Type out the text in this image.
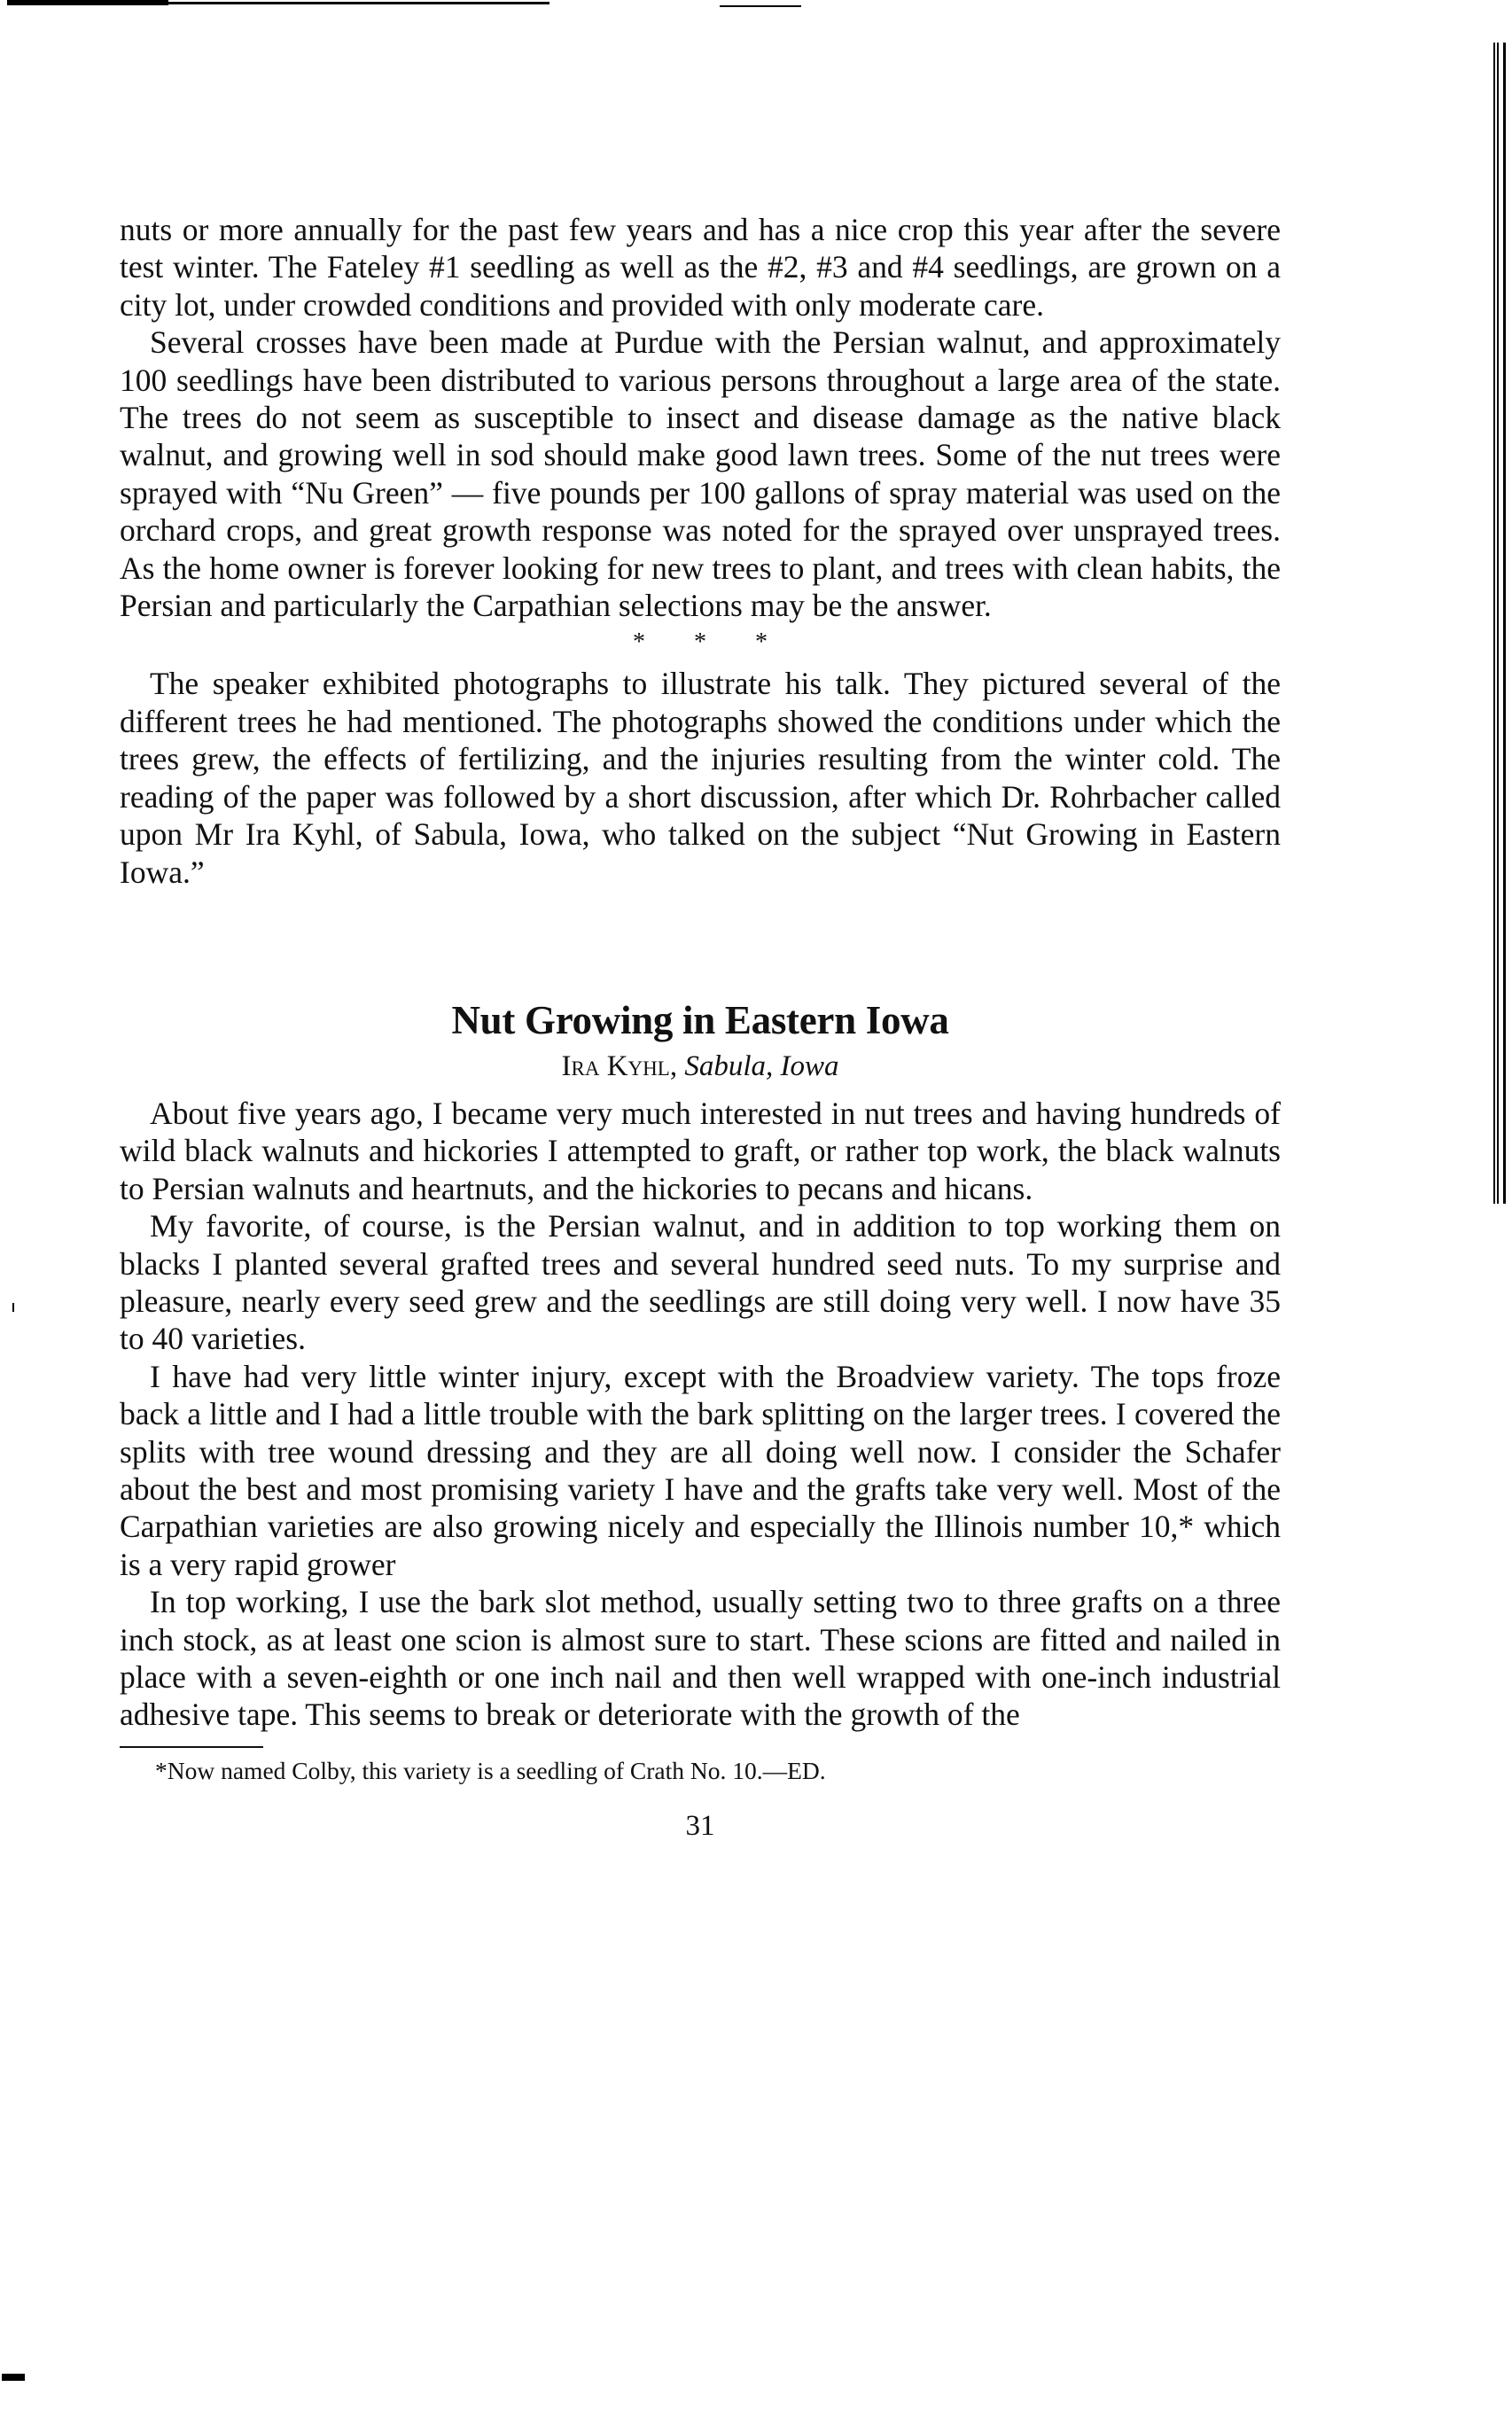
nuts or more annually for the past few years and has a nice crop this year after the severe test winter. The Fateley #1 seedling as well as the #2, #3 and #4 seedlings, are grown on a city lot, under crowded conditions and provided with only moderate care.

Several crosses have been made at Purdue with the Persian walnut, and approximately 100 seedlings have been distributed to various persons throughout a large area of the state. The trees do not seem as susceptible to insect and disease damage as the native black walnut, and growing well in sod should make good lawn trees. Some of the nut trees were sprayed with “Nu Green” — five pounds per 100 gallons of spray material was used on the orchard crops, and great growth response was noted for the sprayed over unsprayed trees. As the home owner is forever looking for new trees to plant, and trees with clean habits, the Persian and particularly the Carpathian selections may be the answer.

* * *

The speaker exhibited photographs to illustrate his talk. They pictured several of the different trees he had mentioned. The photographs showed the conditions under which the trees grew, the effects of fertilizing, and the injuries resulting from the winter cold. The reading of the paper was followed by a short discussion, after which Dr. Rohrbacher called upon Mr Ira Kyhl, of Sabula, Iowa, who talked on the subject “Nut Growing in Eastern Iowa.”

Nut Growing in Eastern Iowa
Ira Kyhl, Sabula, Iowa

About five years ago, I became very much interested in nut trees and having hundreds of wild black walnuts and hickories I attempted to graft, or rather top work, the black walnuts to Persian walnuts and heartnuts, and the hickories to pecans and hicans.

My favorite, of course, is the Persian walnut, and in addition to top working them on blacks I planted several grafted trees and several hundred seed nuts. To my surprise and pleasure, nearly every seed grew and the seedlings are still doing very well. I now have 35 to 40 varieties.

I have had very little winter injury, except with the Broadview variety. The tops froze back a little and I had a little trouble with the bark splitting on the larger trees. I covered the splits with tree wound dressing and they are all doing well now. I consider the Schafer about the best and most promising variety I have and the grafts take very well. Most of the Carpathian varieties are also growing nicely and especially the Illinois number 10,* which is a very rapid grower

In top working, I use the bark slot method, usually setting two to three grafts on a three inch stock, as at least one scion is almost sure to start. These scions are fitted and nailed in place with a seven-eighth or one inch nail and then well wrapped with one-inch industrial adhesive tape. This seems to break or deteriorate with the growth of the

*Now named Colby, this variety is a seedling of Crath No. 10.—ED.

31
